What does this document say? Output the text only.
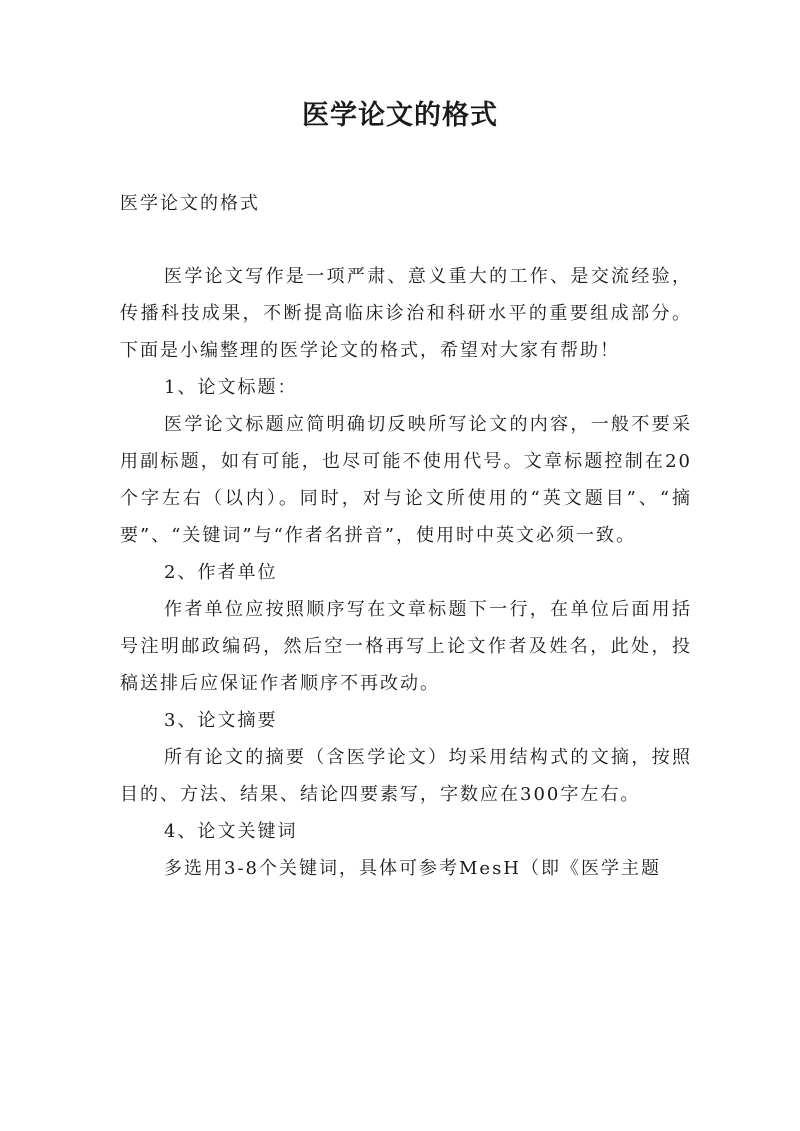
医学论文的格式

医学论文的格式

医学论文写作是一项严肃、意义重大的工作、是交流经验，传播科技成果，不断提高临床诊治和科研水平的重要组成部分。下面是小编整理的医学论文的格式，希望对大家有帮助！

1、论文标题：

医学论文标题应简明确切反映所写论文的内容，一般不要采用副标题，如有可能，也尽可能不使用代号。文章标题控制在20个字左右（以内）。同时，对与论文所使用的“英文题目”、“摘要”、“关键词”与“作者名拼音”，使用时中英文必须一致。

2、作者单位

作者单位应按照顺序写在文章标题下一行，在单位后面用括号注明邮政编码，然后空一格再写上论文作者及姓名，此处，投稿送排后应保证作者顺序不再改动。

3、论文摘要

所有论文的摘要（含医学论文）均采用结构式的文摘，按照目的、方法、结果、结论四要素写，字数应在300字左右。

4、论文关键词

多选用3-8个关键词，具体可参考MesH（即《医学主题
